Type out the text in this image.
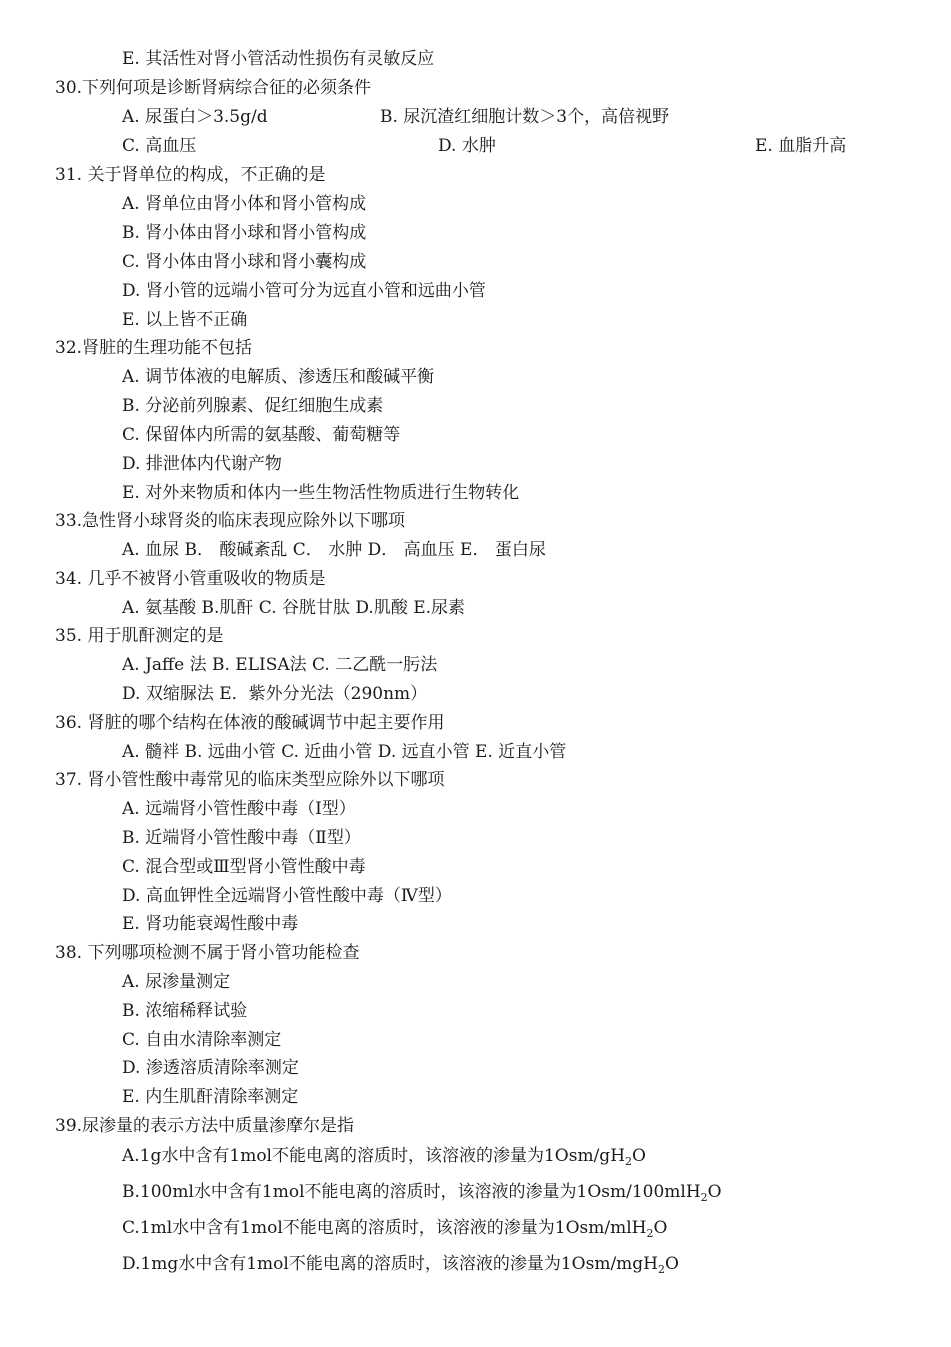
E. 其活性对肾小管活动性损伤有灵敏反应
30.下列何项是诊断肾病综合征的必须条件
A. 尿蛋白＞3.5g/d	B. 尿沉渣红细胞计数＞3个，高倍视野
C. 高血压	D. 水肿	E. 血脂升高
31. 关于肾单位的构成，不正确的是
A. 肾单位由肾小体和肾小管构成
B. 肾小体由肾小球和肾小管构成
C. 肾小体由肾小球和肾小囊构成
D. 肾小管的远端小管可分为远直小管和远曲小管
E. 以上皆不正确
32.肾脏的生理功能不包括
A. 调节体液的电解质、渗透压和酸碱平衡
B. 分泌前列腺素、促红细胞生成素
C. 保留体内所需的氨基酸、葡萄糖等
D. 排泄体内代谢产物
E. 对外来物质和体内一些生物活性物质进行生物转化
33.急性肾小球肾炎的临床表现应除外以下哪项
A. 血尿 B． 酸碱紊乱 C． 水肿 D． 高血压 E． 蛋白尿
34. 几乎不被肾小管重吸收的物质是
A. 氨基酸 B.肌酐 C. 谷胱甘肽 D.肌酸 E.尿素
35. 用于肌酐测定的是
A. Jaffe 法 B. ELISA法 C. 二乙酰一肟法
D. 双缩脲法 E．紫外分光法（290nm）
36. 肾脏的哪个结构在体液的酸碱调节中起主要作用
A. 髓袢 B. 远曲小管 C. 近曲小管 D. 远直小管 E. 近直小管
37. 肾小管性酸中毒常见的临床类型应除外以下哪项
A. 远端肾小管性酸中毒（Ⅰ型）
B. 近端肾小管性酸中毒（Ⅱ型）
C. 混合型或Ⅲ型肾小管性酸中毒
D. 高血钾性全远端肾小管性酸中毒（Ⅳ型）
E. 肾功能衰竭性酸中毒
38. 下列哪项检测不属于肾小管功能检查
A. 尿渗量测定
B. 浓缩稀释试验
C. 自由水清除率测定
D. 渗透溶质清除率测定
E. 内生肌酐清除率测定
39.尿渗量的表示方法中质量渗摩尔是指
A.1g水中含有1mol不能电离的溶质时，该溶液的渗量为$1Osm/gH_2O$
B.100ml水中含有1mol不能电离的溶质时，该溶液的渗量为1Osm/100mlH$_2$O
C.1ml水中含有1mol不能电离的溶质时，该溶液的渗量为1Osm/mlH$_2$O
D.1mg水中含有1mol不能电离的溶质时，该溶液的渗量为1Osm/mgH$_2$O
